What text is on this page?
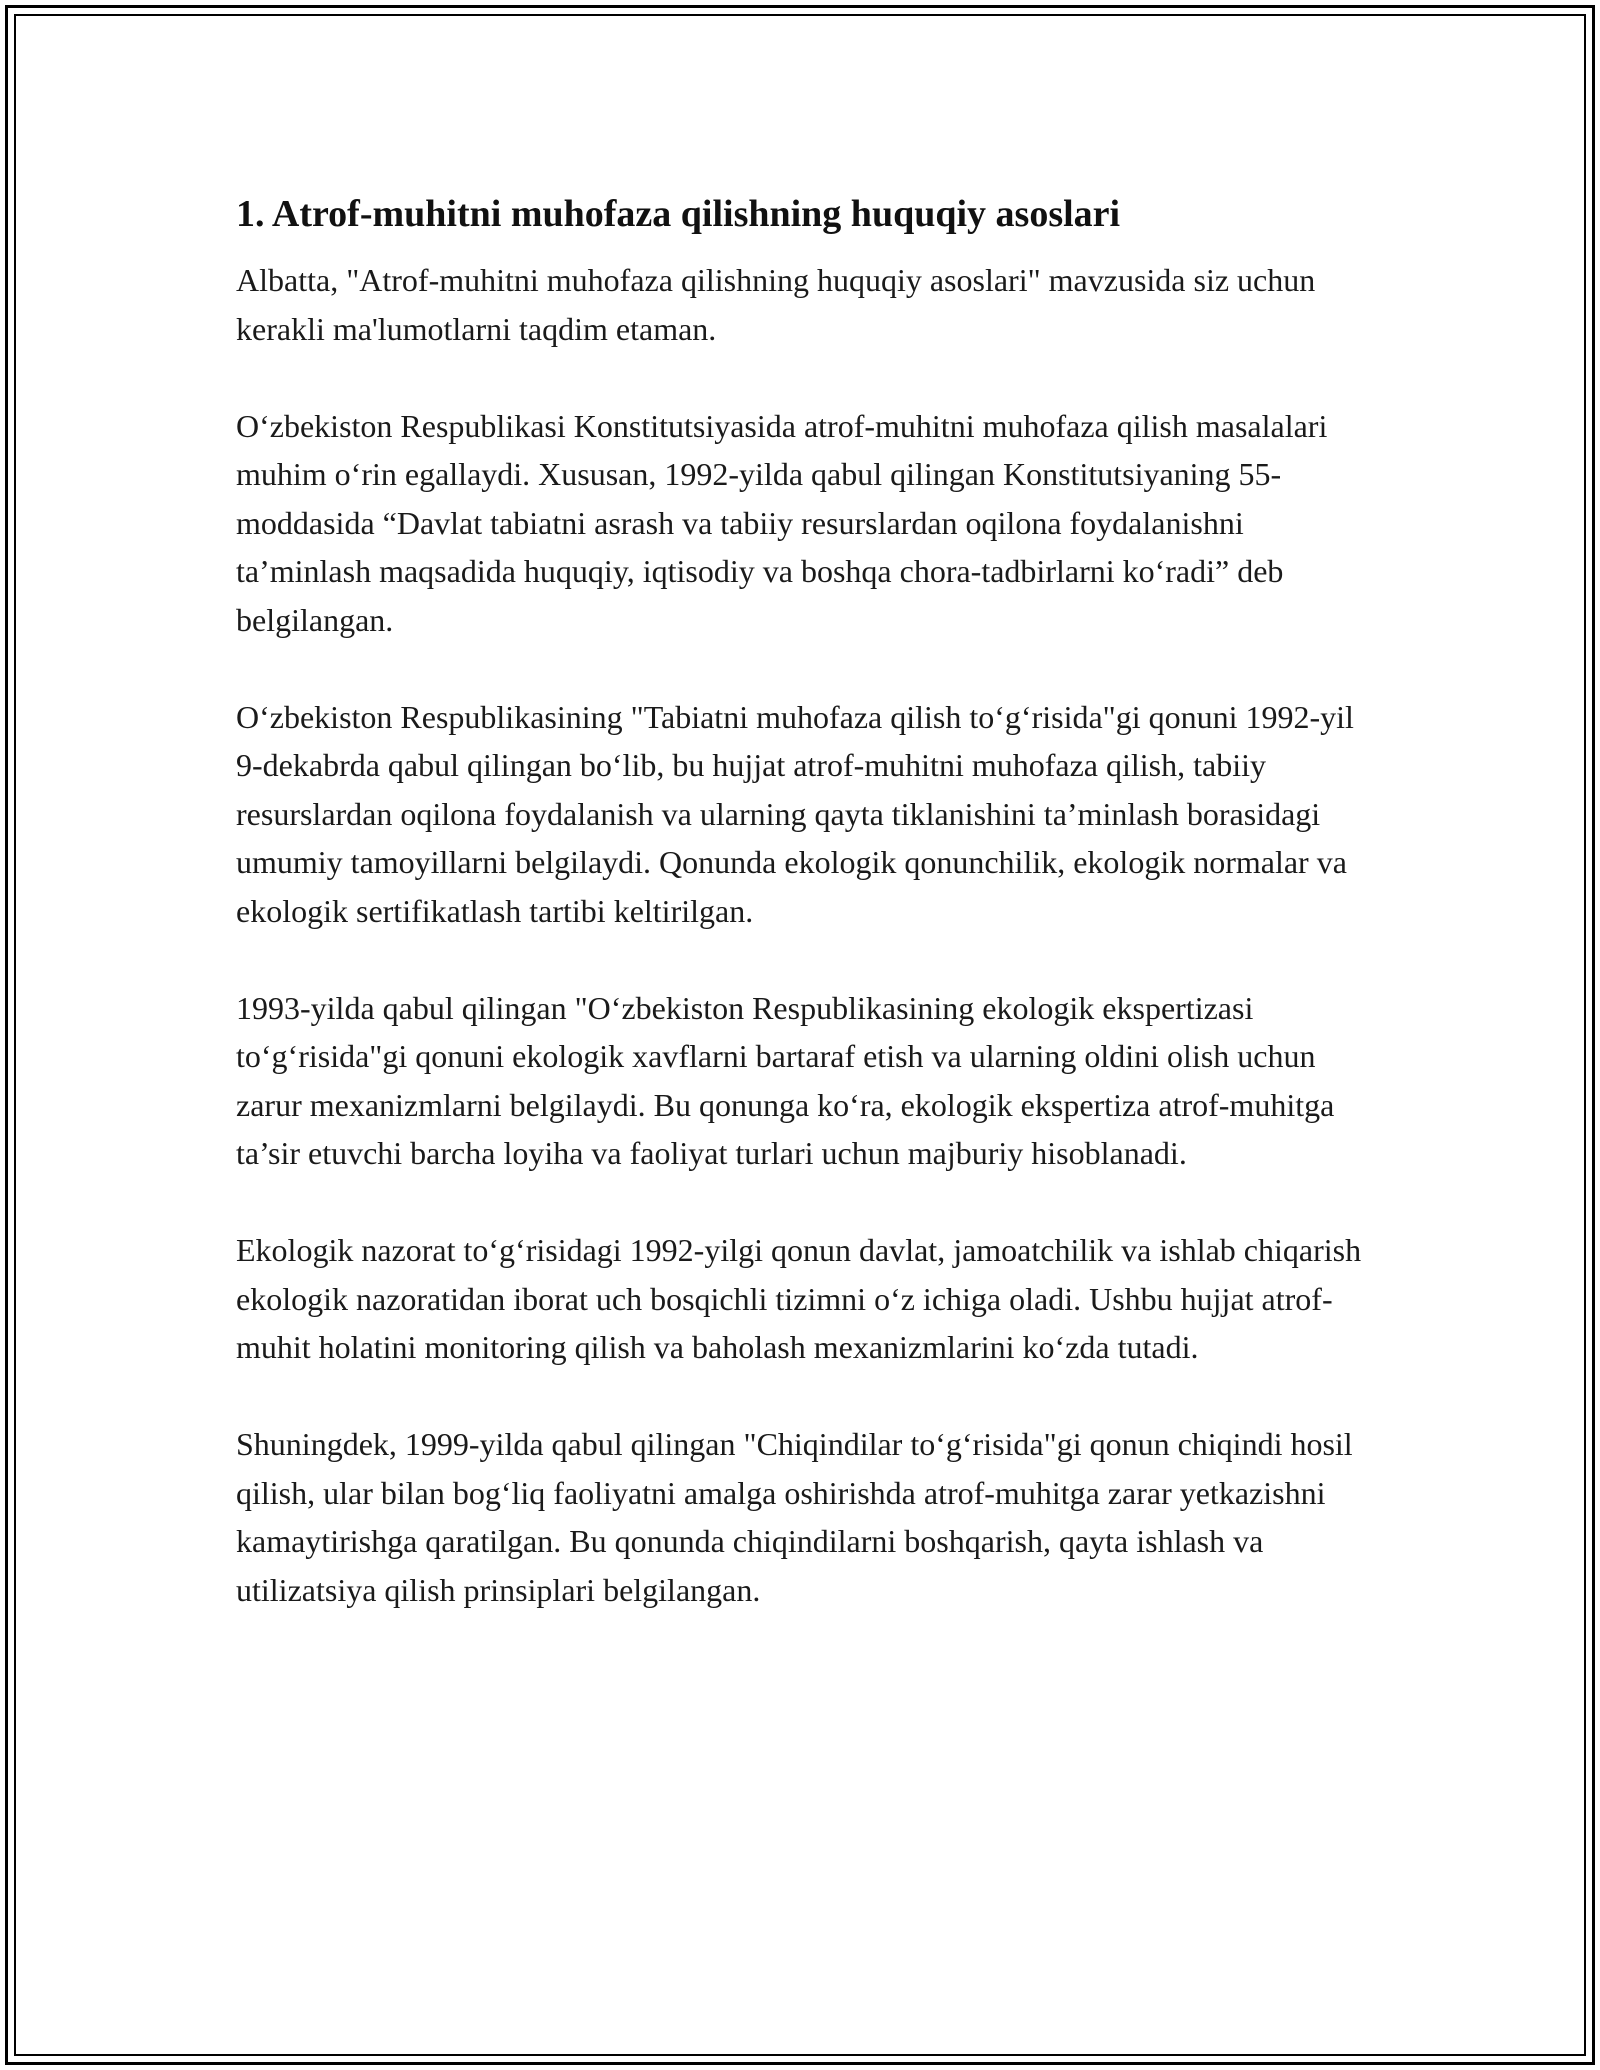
1. Atrof-muhitni muhofaza qilishning huquqiy asoslari

Albatta, "Atrof-muhitni muhofaza qilishning huquqiy asoslari" mavzusida siz uchun kerakli ma'lumotlarni taqdim etaman.

O‘zbekiston Respublikasi Konstitutsiyasida atrof-muhitni muhofaza qilish masalalari muhim o‘rin egallaydi. Xususan, 1992-yilda qabul qilingan Konstitutsiyaning 55-moddasida “Davlat tabiatni asrash va tabiiy resurslardan oqilona foydalanishni ta’minlash maqsadida huquqiy, iqtisodiy va boshqa chora-tadbirlarni ko‘radi” deb belgilangan.

O‘zbekiston Respublikasining "Tabiatni muhofaza qilish to‘g‘risida"gi qonuni 1992-yil 9-dekabrda qabul qilingan bo‘lib, bu hujjat atrof-muhitni muhofaza qilish, tabiiy resurslardan oqilona foydalanish va ularning qayta tiklanishini ta’minlash borasidagi umumiy tamoyillarni belgilaydi. Qonunda ekologik qonunchilik, ekologik normalar va ekologik sertifikatlash tartibi keltirilgan.

1993-yilda qabul qilingan "O‘zbekiston Respublikasining ekologik ekspertizasi to‘g‘risida"gi qonuni ekologik xavflarni bartaraf etish va ularning oldini olish uchun zarur mexanizmlarni belgilaydi. Bu qonunga ko‘ra, ekologik ekspertiza atrof-muhitga ta’sir etuvchi barcha loyiha va faoliyat turlari uchun majburiy hisoblanadi.

Ekologik nazorat to‘g‘risidagi 1992-yilgi qonun davlat, jamoatchilik va ishlab chiqarish ekologik nazoratidan iborat uch bosqichli tizimni o‘z ichiga oladi. Ushbu hujjat atrof-muhit holatini monitoring qilish va baholash mexanizmlarini ko‘zda tutadi.

Shuningdek, 1999-yilda qabul qilingan "Chiqindilar to‘g‘risida"gi qonun chiqindi hosil qilish, ular bilan bog‘liq faoliyatni amalga oshirishda atrof-muhitga zarar yetkazishni kamaytirishga qaratilgan. Bu qonunda chiqindilarni boshqarish, qayta ishlash va utilizatsiya qilish prinsiplari belgilangan.
